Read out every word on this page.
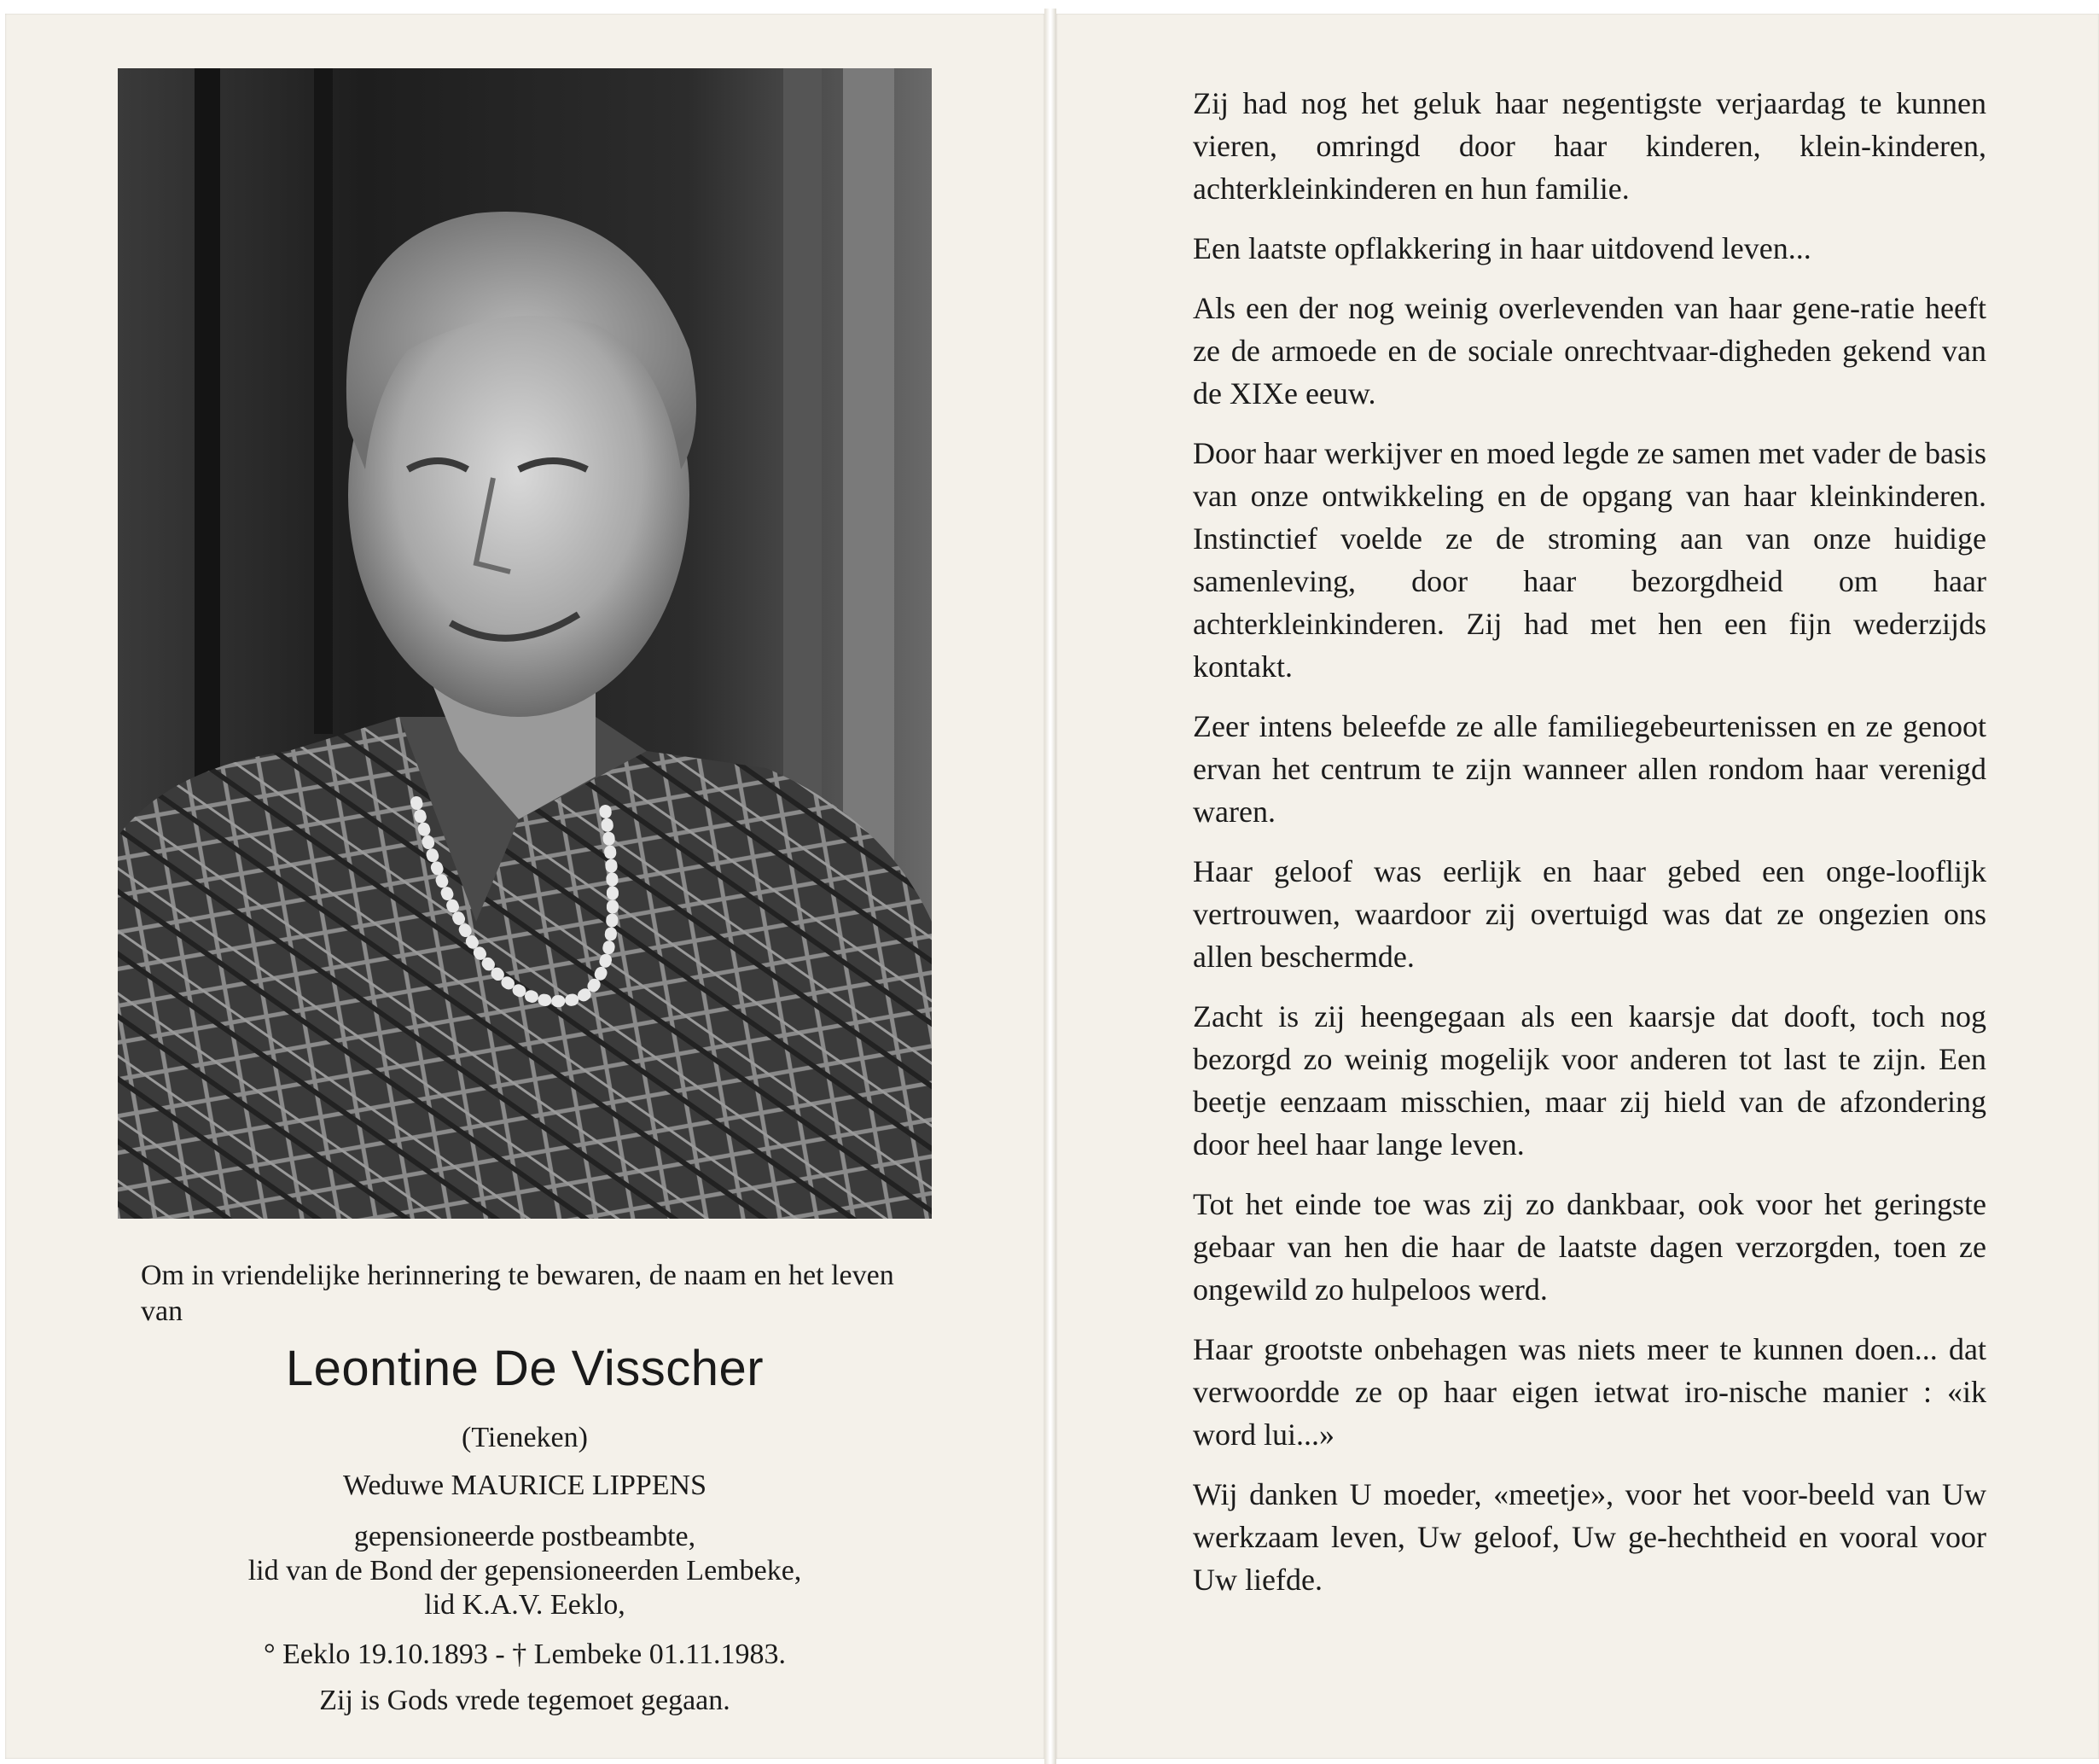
Om in vriendelijke herinnering te bewaren, de naam en het leven van
Leontine De Visscher
(Tieneken)
Weduwe MAURICE LIPPENS
gepensioneerde postbeambte,
lid van de Bond der gepensioneerden Lembeke,
lid K.A.V. Eeklo,
° Eeklo 19.10.1893 - † Lembeke 01.11.1983.
Zij is Gods vrede tegemoet gegaan.

Zij had nog het geluk haar negentigste verjaardag te kunnen vieren, omringd door haar kinderen, klein-kinderen, achterkleinkinderen en hun familie.

Een laatste opflakkering in haar uitdovend leven...

Als een der nog weinig overlevenden van haar gene-ratie heeft ze de armoede en de sociale onrechtvaar-digheden gekend van de XIXe eeuw.

Door haar werkijver en moed legde ze samen met vader de basis van onze ontwikkeling en de opgang van haar kleinkinderen. Instinctief voelde ze de stroming aan van onze huidige samenleving, door haar bezorgdheid om haar achterkleinkinderen. Zij had met hen een fijn wederzijds kontakt.

Zeer intens beleefde ze alle familiegebeurtenissen en ze genoot ervan het centrum te zijn wanneer allen rondom haar verenigd waren.

Haar geloof was eerlijk en haar gebed een onge-looflijk vertrouwen, waardoor zij overtuigd was dat ze ongezien ons allen beschermde.

Zacht is zij heengegaan als een kaarsje dat dooft, toch nog bezorgd zo weinig mogelijk voor anderen tot last te zijn. Een beetje eenzaam misschien, maar zij hield van de afzondering door heel haar lange leven.

Tot het einde toe was zij zo dankbaar, ook voor het geringste gebaar van hen die haar de laatste dagen verzorgden, toen ze ongewild zo hulpeloos werd.

Haar grootste onbehagen was niets meer te kunnen doen... dat verwoordde ze op haar eigen ietwat iro-nische manier : «ik word lui...»

Wij danken U moeder, «meetje», voor het voor-beeld van Uw werkzaam leven, Uw geloof, Uw ge-hechtheid en vooral voor Uw liefde.
